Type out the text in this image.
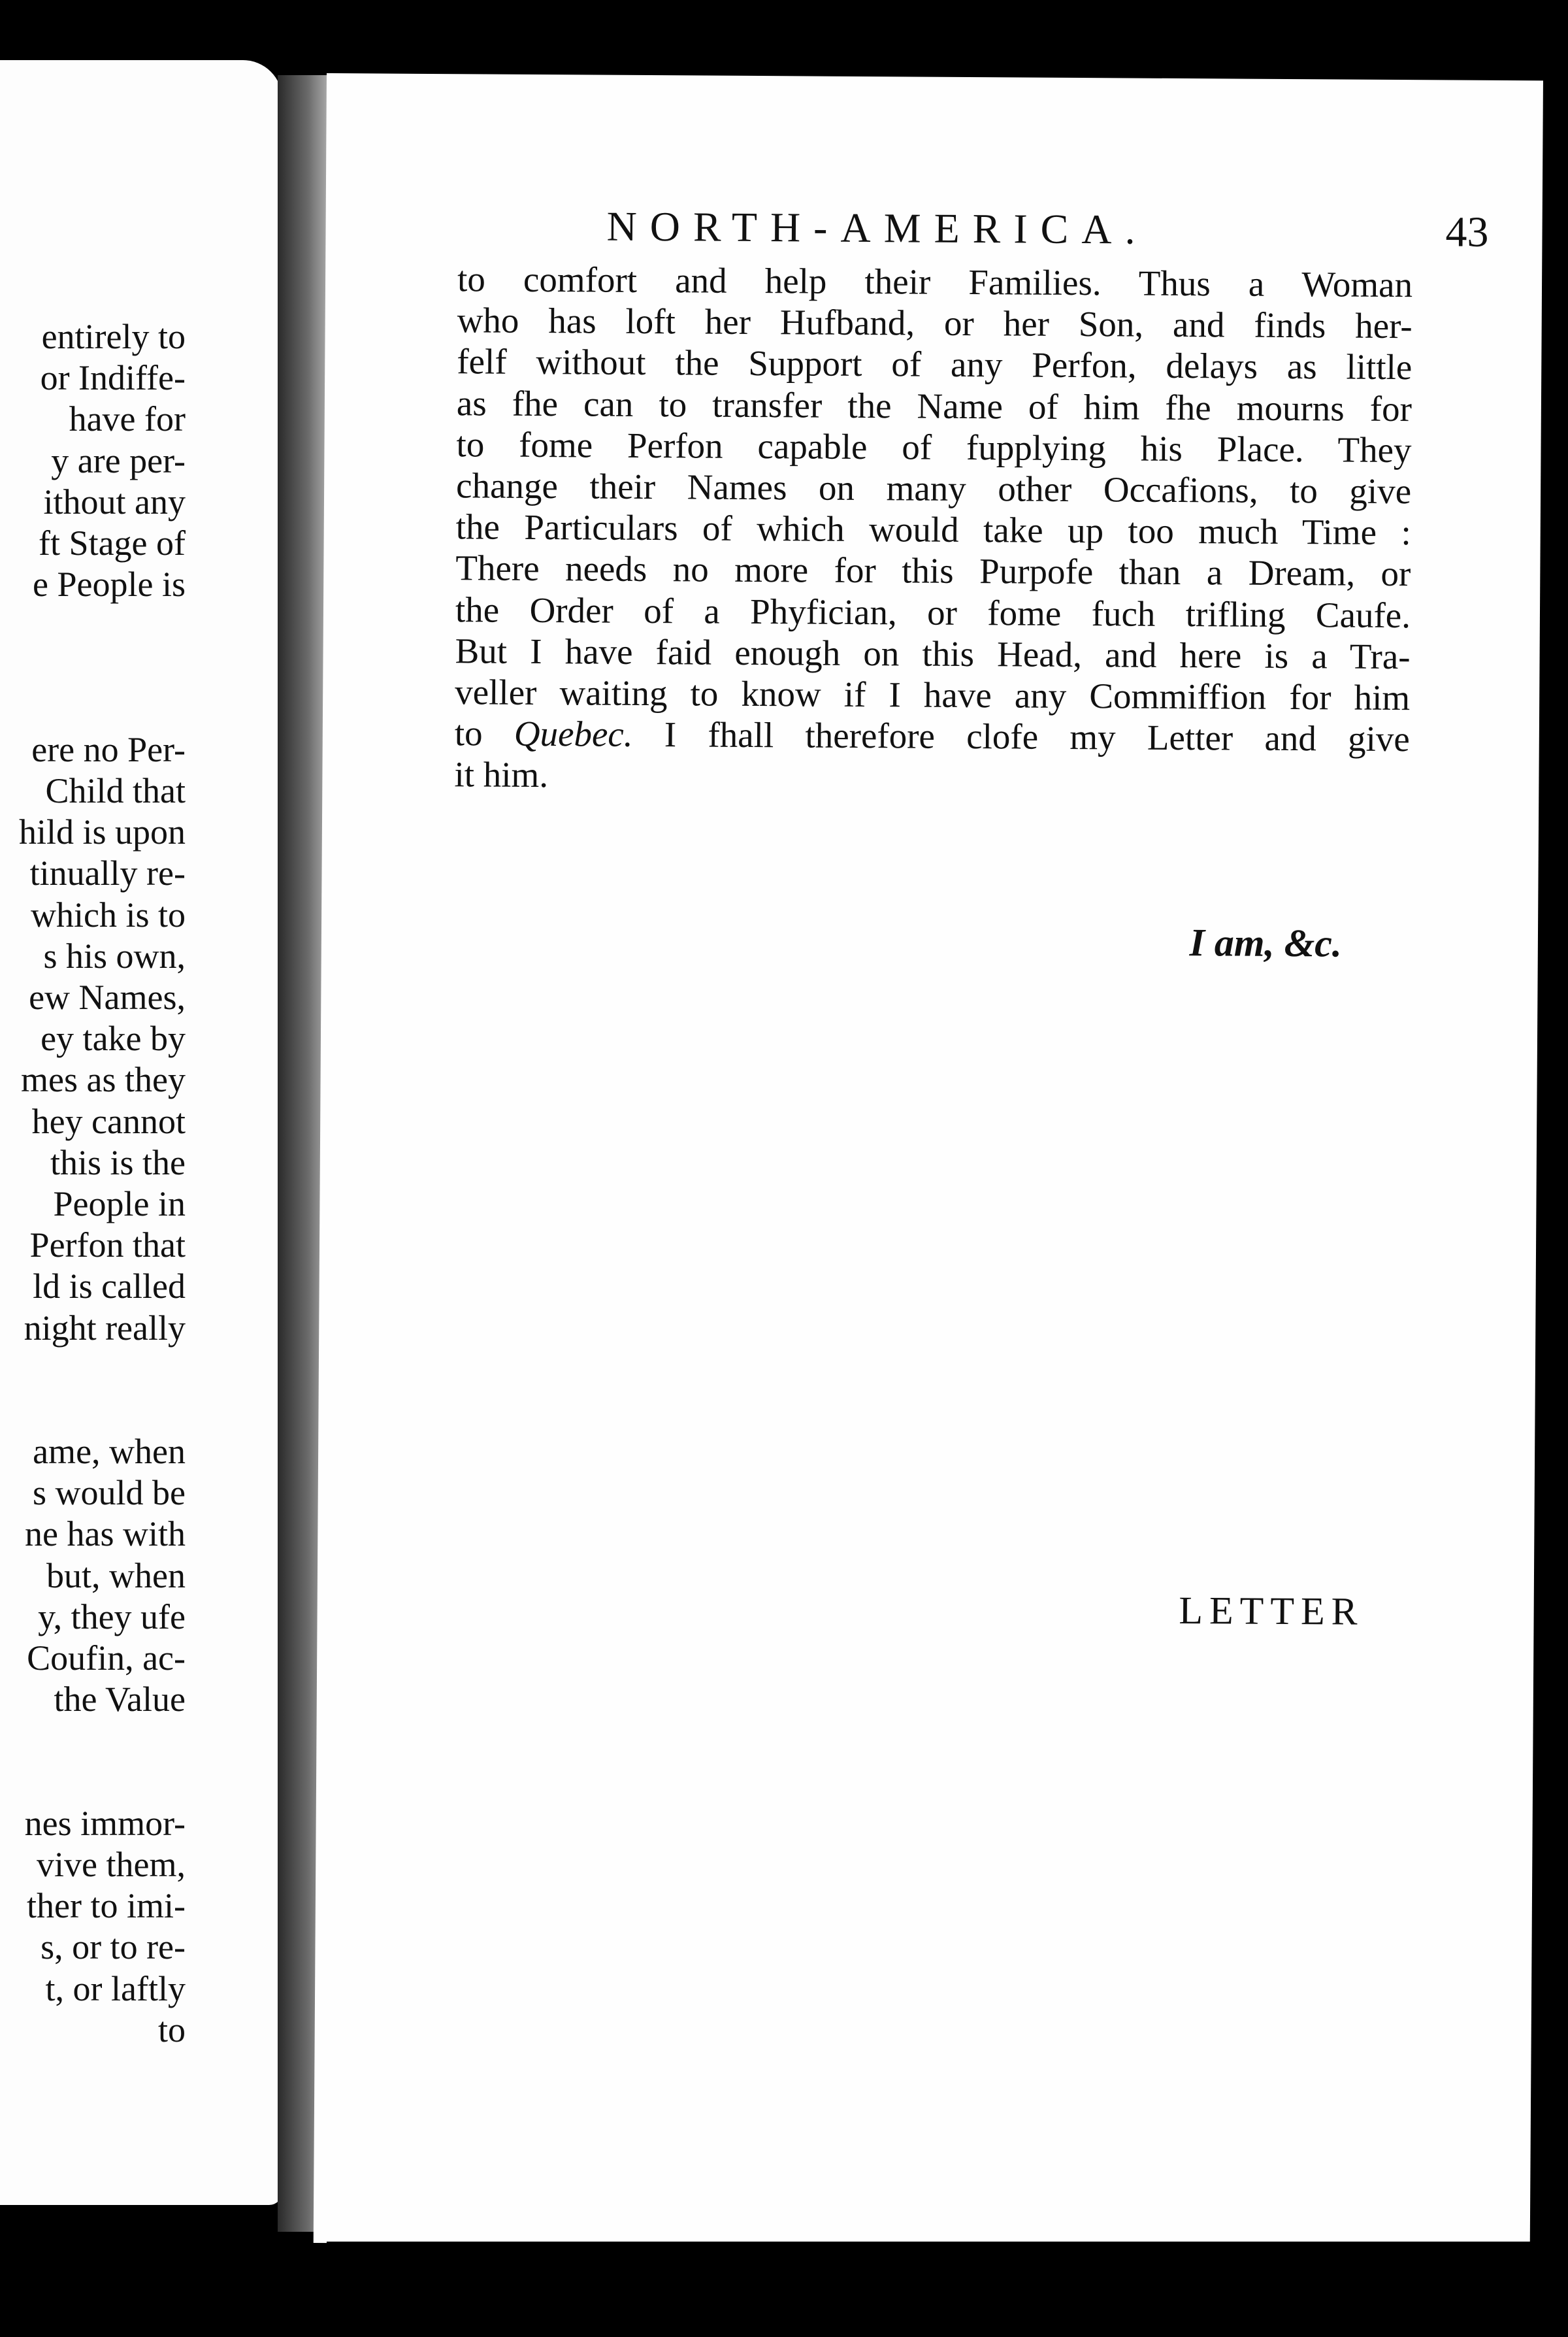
entirely to
or Indiffe-
have for
y are per-
ithout any
ft Stage of
e People is

ere no Per-
Child that
hild is upon
tinually re-
which is to
s his own,
ew Names,
ey take by
mes as they
hey cannot
this is the
People in
Perfon that
ld is called
night really

ame, when
s would be
ne has with
but, when
y, they ufe
Coufin, ac-
the Value

nes immor-
vive them,
ther to imi-
s, or to re-
t, or laftly
to
NORTH-AMERICA.	43
to comfort and help their Families. Thus a Woman
who has loft her Hufband, or her Son, and finds her-
felf without the Support of any Perfon, delays as little
as fhe can to transfer the Name of him fhe mourns for
to fome Perfon capable of fupplying his Place. They
change their Names on many other Occafions, to give
the Particulars of which would take up too much Time :
There needs no more for this Purpofe than a Dream, or
the Order of a Phyfician, or fome fuch trifling Caufe.
But I have faid enough on this Head, and here is a Tra-
veller waiting to know if I have any Commiffion for him
to Quebec. I fhall therefore clofe my Letter and give
it him.
I am, &c.
LETTER
